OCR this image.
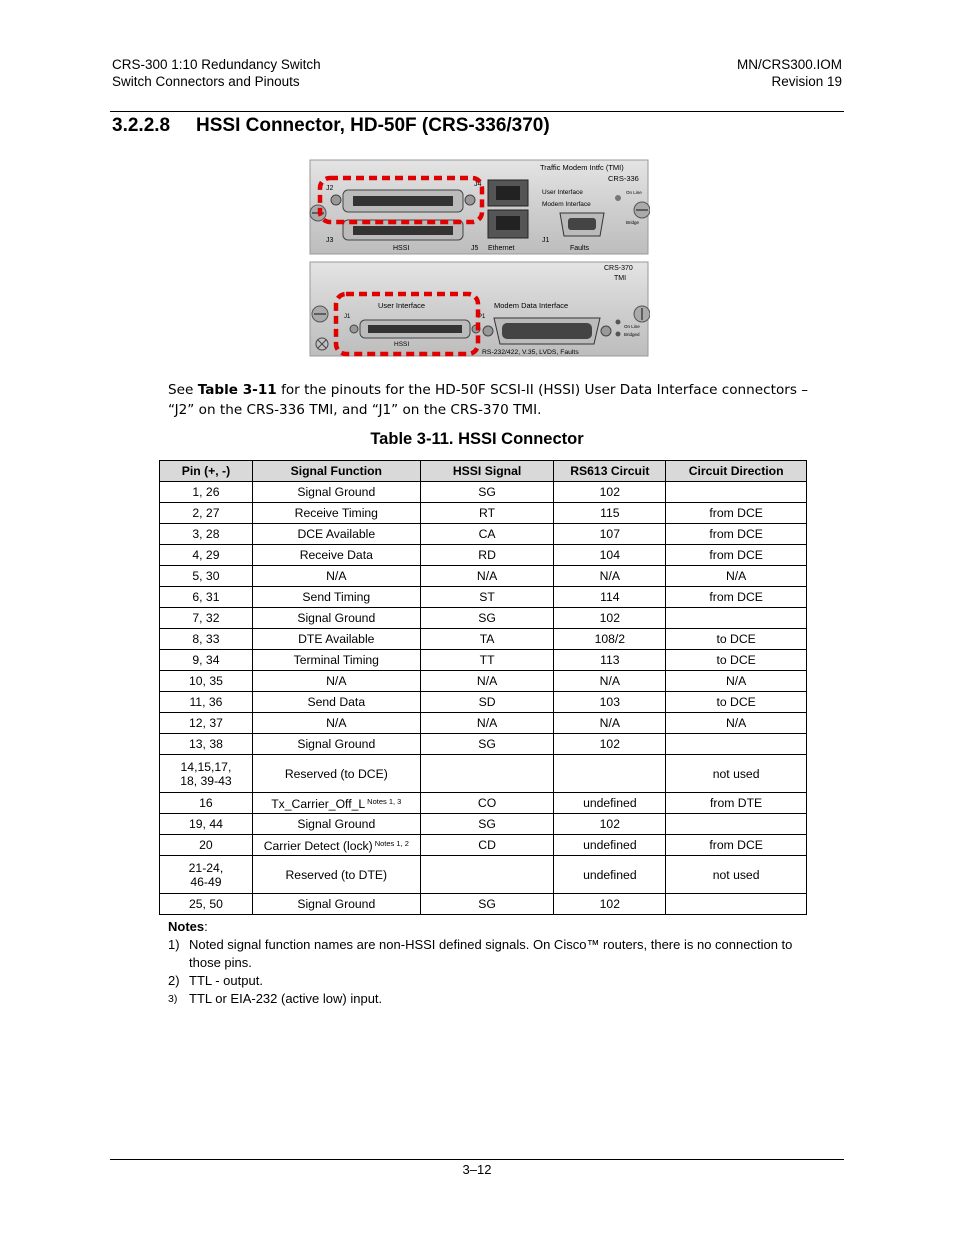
CRS-300 1:10 Redundancy Switch
Switch Connectors and Pinouts
MN/CRS300.IOM
Revision 19
3.2.2.8 HSSI Connector, HD-50F (CRS-336/370)
Traffic Modem Intfc (TMI)
CRS-336
User Interface
Modem Interface
On Line
Bridge
J2
J3
J4
J5 Ethernet
J1
Faults
HSSI
CRS-370
TMI
User Interface	Modem Data Interface
J1	P1
HSSI
RS-232/422, V.35, LVDS, Faults
On Line
Bridged
See Table 3-11 for the pinouts for the HD-50F SCSI-II (HSSI) User Data Interface connectors – “J2” on the CRS-336 TMI, and “J1” on the CRS-370 TMI.
Table 3-11. HSSI Connector
Pin (+, -)	Signal Function	HSSI Signal	RS613 Circuit	Circuit Direction
1, 26	Signal Ground	SG	102	
2, 27	Receive Timing	RT	115	from DCE
3, 28	DCE Available	CA	107	from DCE
4, 29	Receive Data	RD	104	from DCE
5, 30	N/A	N/A	N/A	N/A
6, 31	Send Timing	ST	114	from DCE
7, 32	Signal Ground	SG	102	
8, 33	DTE Available	TA	108/2	to DCE
9, 34	Terminal Timing	TT	113	to DCE
10, 35	N/A	N/A	N/A	N/A
11, 36	Send Data	SD	103	to DCE
12, 37	N/A	N/A	N/A	N/A
13, 38	Signal Ground	SG	102	
14,15,17,
18, 39-43	Reserved (to DCE)			not used
16	Tx_Carrier_Off_L $^{Notes 1, 3}$	CO	undefined	from DTE
19, 44	Signal Ground	SG	102	
20	Carrier Detect (lock) $^{Notes 1, 2}$	CD	undefined	from DCE
21-24,
46-49	Reserved (to DTE)		undefined	not used
25, 50	Signal Ground	SG	102	
Notes:
1) Noted signal function names are non-HSSI defined signals. On Cisco™ routers, there is no connection to those pins.
2) TTL - output.
3) TTL or EIA-232 (active low) input.
3–12
